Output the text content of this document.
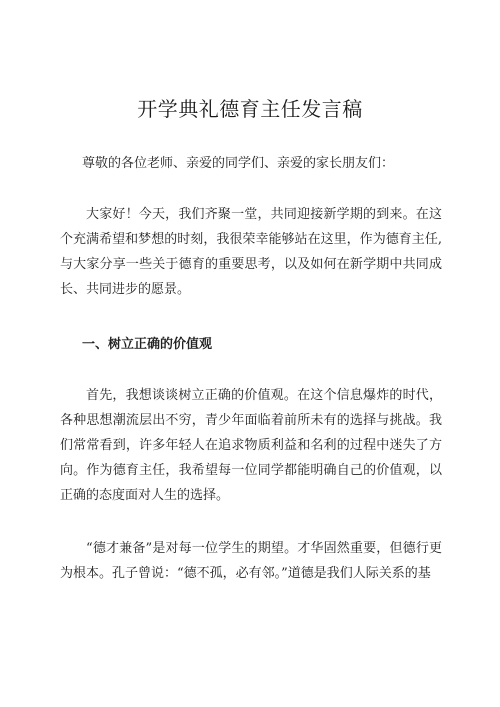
开学典礼德育主任发言稿

尊敬的各位老师、亲爱的同学们、亲爱的家长朋友们：

大家好！今天，我们齐聚一堂，共同迎接新学期的到来。在这个充满希望和梦想的时刻，我很荣幸能够站在这里，作为德育主任,与大家分享一些关于德育的重要思考，以及如何在新学期中共同成长、共同进步的愿景。

一、树立正确的价值观

首先，我想谈谈树立正确的价值观。在这个信息爆炸的时代，各种思想潮流层出不穷，青少年面临着前所未有的选择与挑战。我们常常看到，许多年轻人在追求物质利益和名利的过程中迷失了方向。作为德育主任，我希望每一位同学都能明确自己的价值观，以正确的态度面对人生的选择。

“德才兼备”是对每一位学生的期望。才华固然重要，但德行更为根本。孔子曾说：“德不孤，必有邻。”道德是我们人际关系的基
